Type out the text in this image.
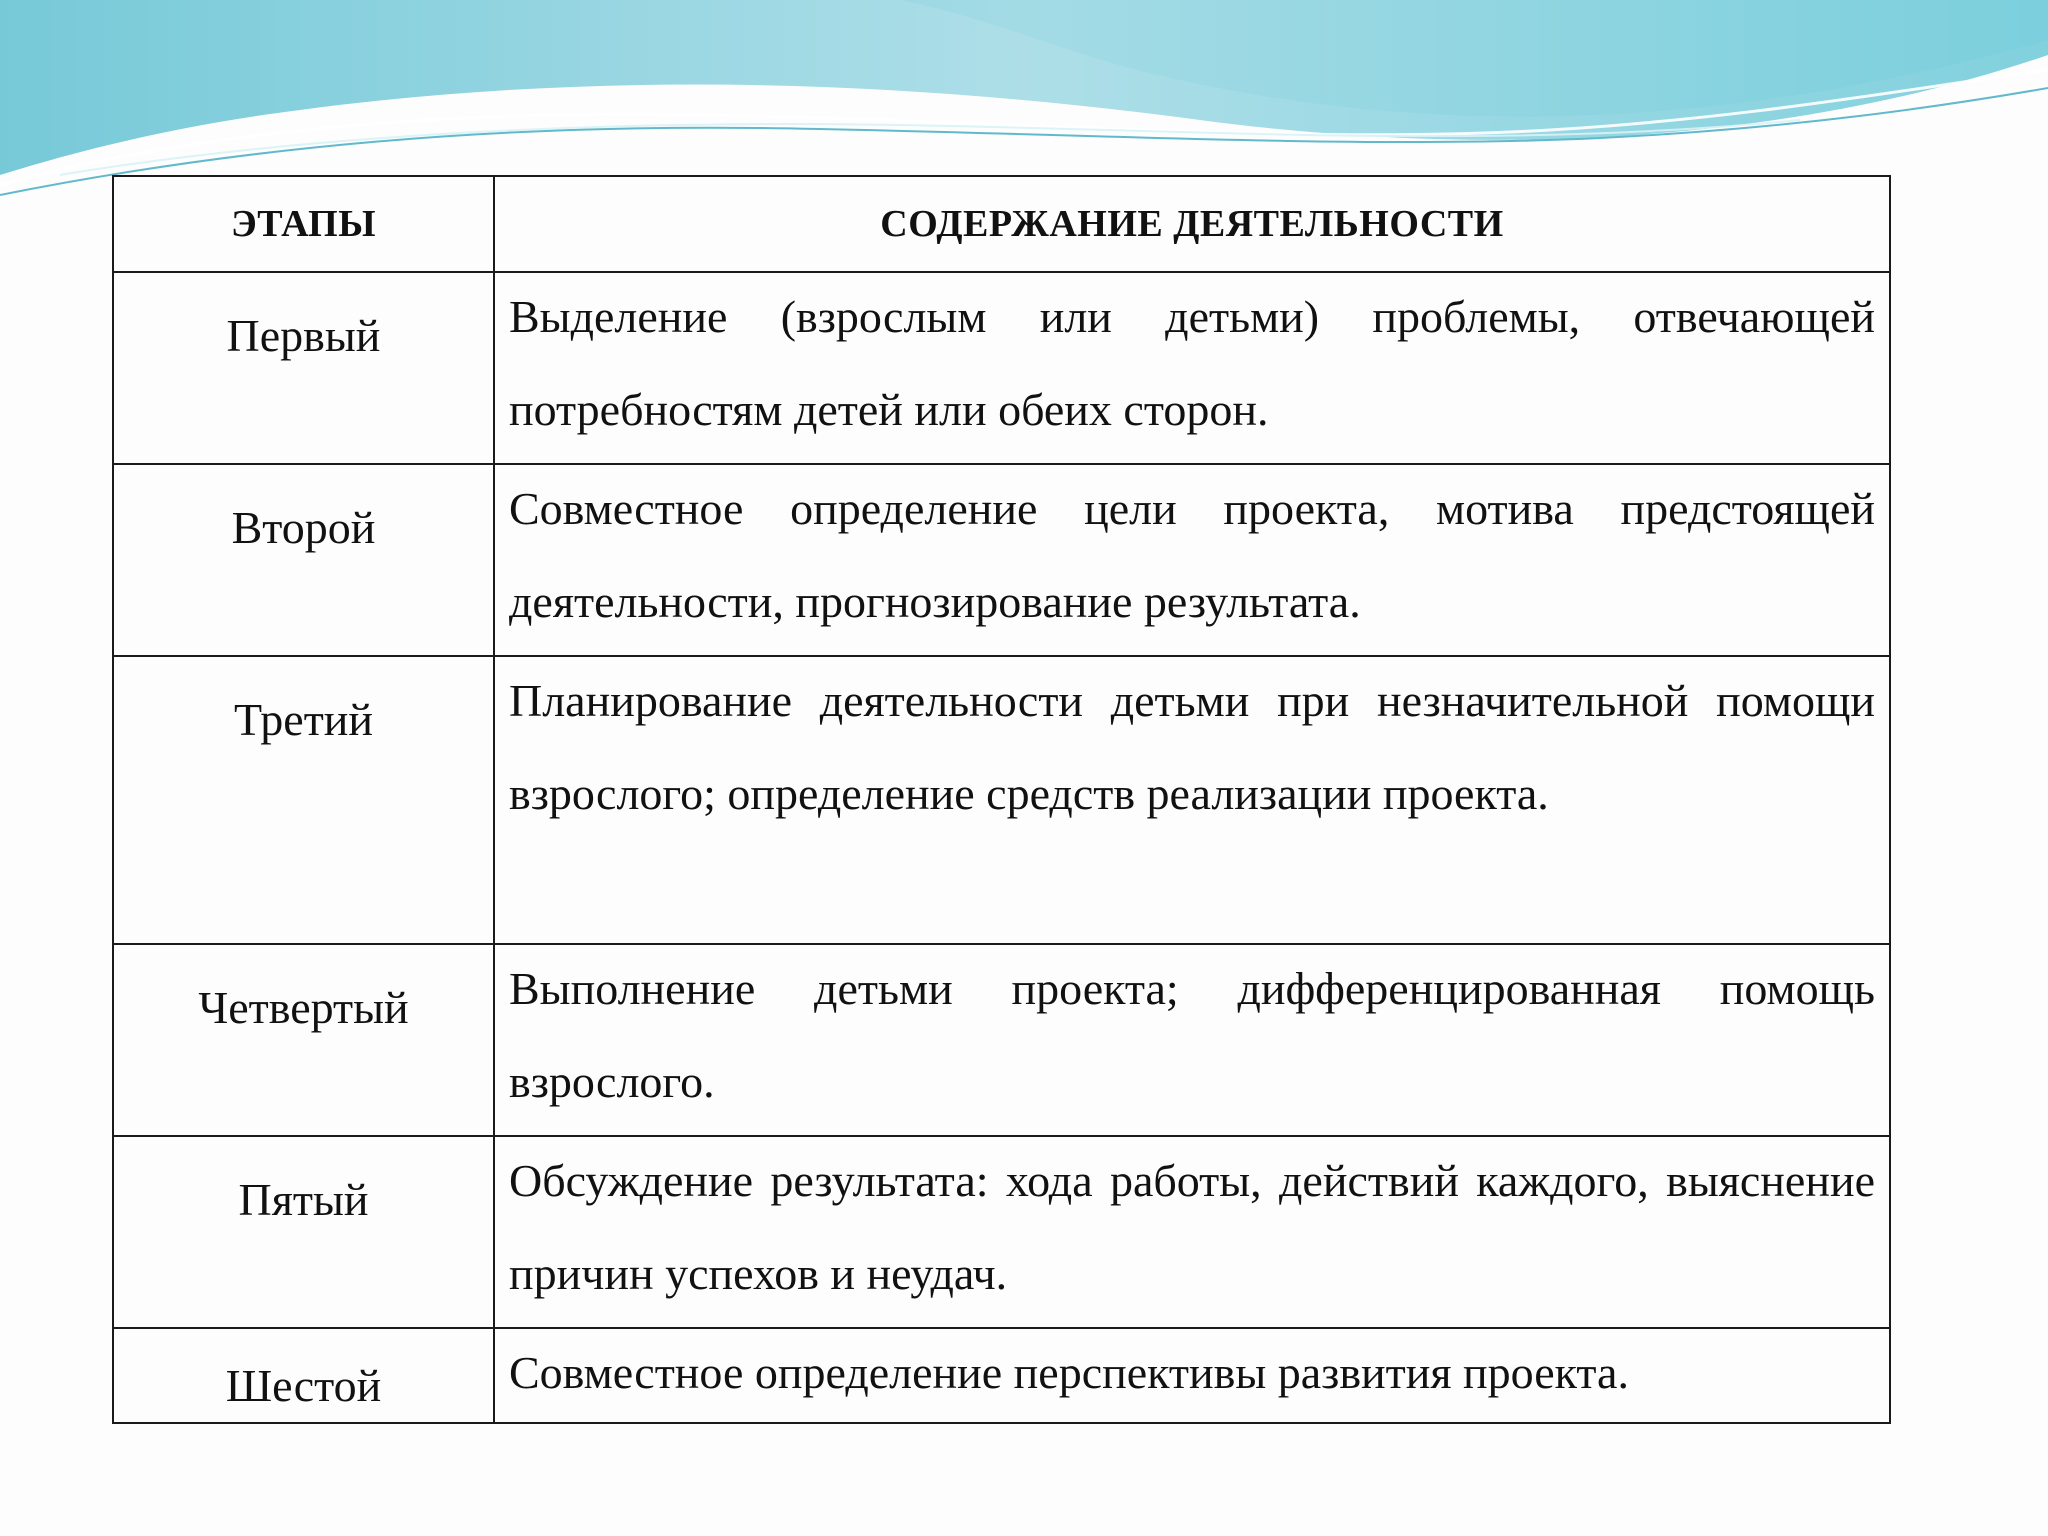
ЭТАПЫ	СОДЕРЖАНИЕ ДЕЯТЕЛЬНОСТИ
Первый	Выделение (взрослым или детьми) проблемы, отвечающей потребностям детей или обеих сторон.

Второй	Совместное определение цели проекта, мотива предстоящей деятельности, прогнозирование результата.

Третий	Планирование деятельности детьми при незначительной помощи взрослого; определение средств реализации проекта.

Четвертый	Выполнение детьми проекта; дифференцированная помощь взрослого.

Пятый	Обсуждение результата: хода работы, действий каждого, выяснение причин успехов и неудач.

Шестой	Совместное определение перспективы развития проекта.
